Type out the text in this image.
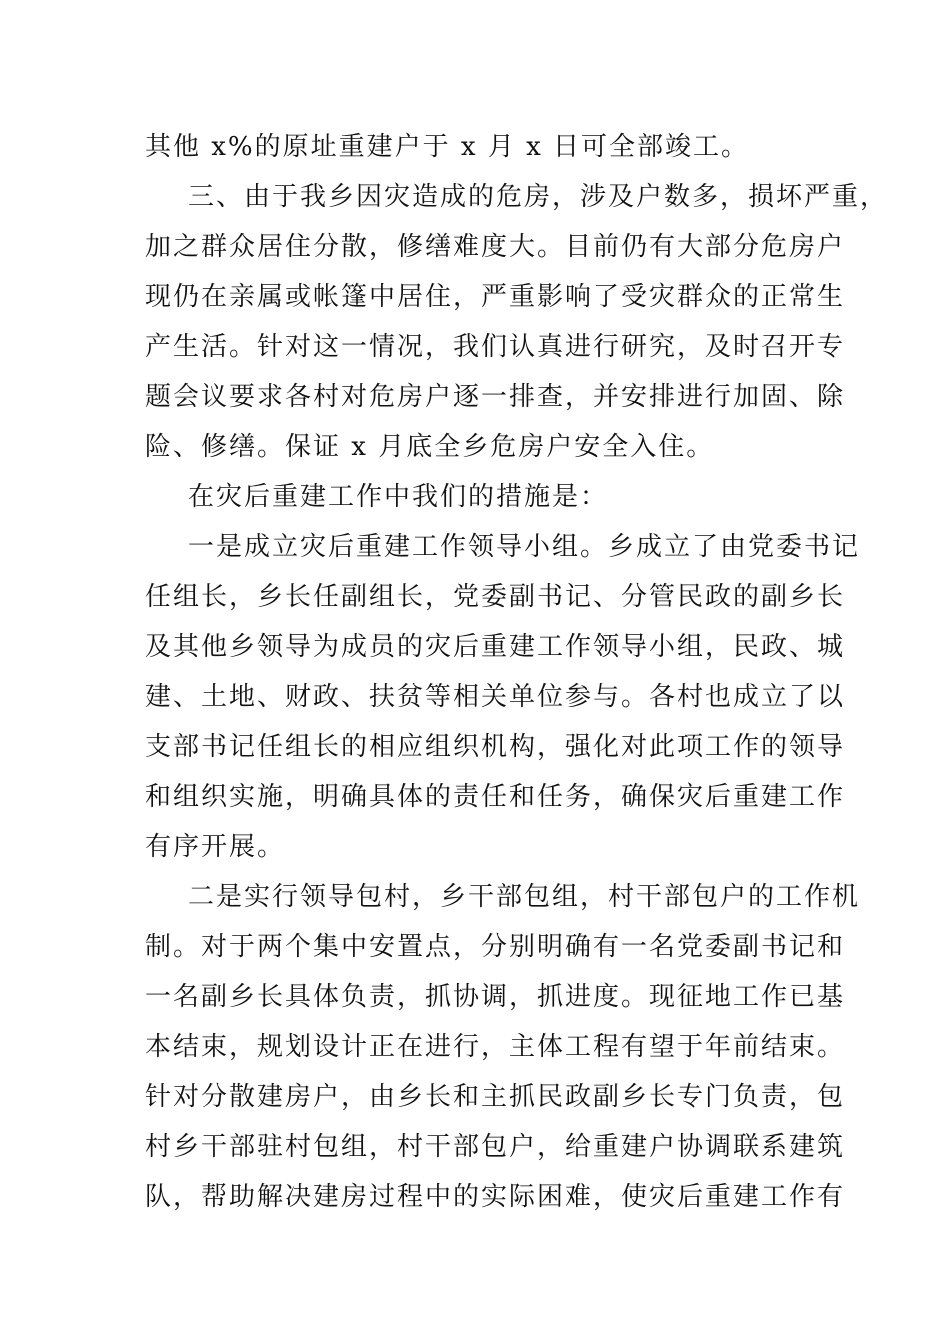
其他 x%的原址重建户于 x 月 x 日可全部竣工。
三、由于我乡因灾造成的危房，涉及户数多，损坏严重，
加之群众居住分散，修缮难度大。目前仍有大部分危房户
现仍在亲属或帐篷中居住，严重影响了受灾群众的正常生
产生活。针对这一情况，我们认真进行研究，及时召开专
题会议要求各村对危房户逐一排查，并安排进行加固、除
险、修缮。保证 x 月底全乡危房户安全入住。
在灾后重建工作中我们的措施是：
一是成立灾后重建工作领导小组。乡成立了由党委书记
任组长，乡长任副组长，党委副书记、分管民政的副乡长
及其他乡领导为成员的灾后重建工作领导小组，民政、城
建、土地、财政、扶贫等相关单位参与。各村也成立了以
支部书记任组长的相应组织机构，强化对此项工作的领导
和组织实施，明确具体的责任和任务，确保灾后重建工作
有序开展。
二是实行领导包村，乡干部包组，村干部包户的工作机
制。对于两个集中安置点，分别明确有一名党委副书记和
一名副乡长具体负责，抓协调，抓进度。现征地工作已基
本结束，规划设计正在进行，主体工程有望于年前结束。
针对分散建房户，由乡长和主抓民政副乡长专门负责，包
村乡干部驻村包组，村干部包户，给重建户协调联系建筑
队，帮助解决建房过程中的实际困难，使灾后重建工作有
